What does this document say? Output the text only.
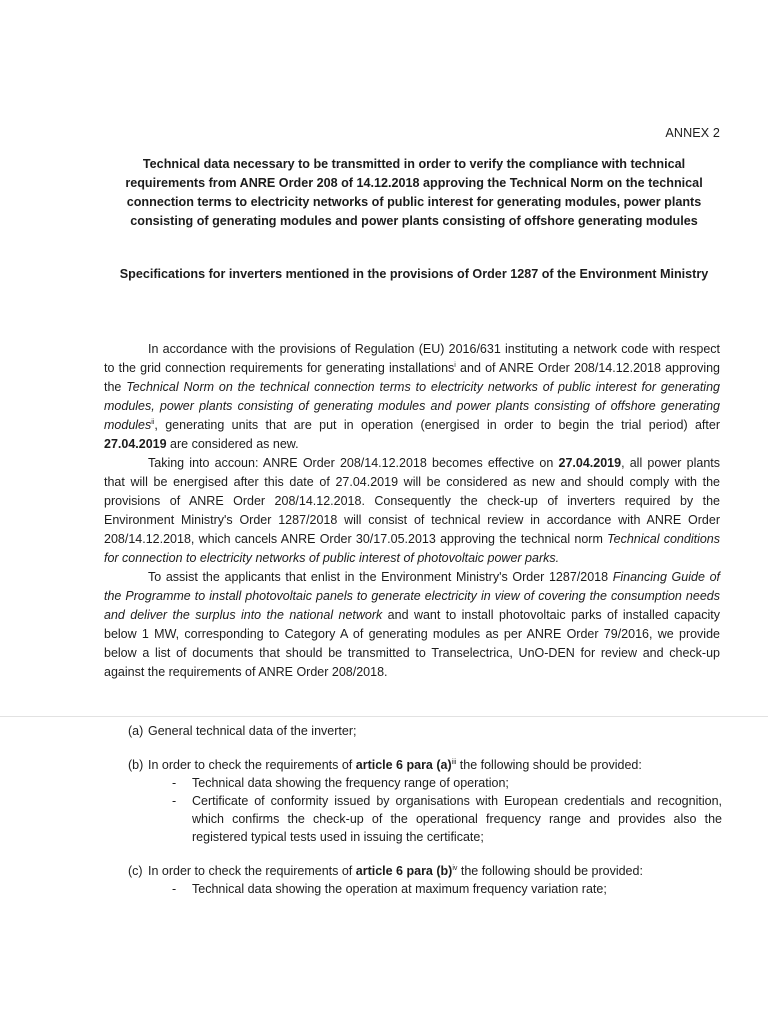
ANNEX 2
Technical data necessary to be transmitted in order to verify the compliance with technical requirements from ANRE Order 208 of 14.12.2018 approving the Technical Norm on the technical connection terms to electricity networks of public interest for generating modules, power plants consisting of generating modules and power plants consisting of offshore generating modules
Specifications for inverters mentioned in the provisions of Order 1287 of the Environment Ministry

In accordance with the provisions of Regulation (EU) 2016/631 instituting a network code with respect to the grid connection requirements for generating installations$^i$ and of ANRE Order 208/14.12.2018 approving the Technical Norm on the technical connection terms to electricity networks of public interest for generating modules, power plants consisting of generating modules and power plants consisting of offshore generating modules$^{ii}$, generating units that are put in operation (energised in order to begin the trial period) after 27.04.2019 are considered as new.

Taking into accoun: ANRE Order 208/14.12.2018 becomes effective on 27.04.2019, all power plants that will be energised after this date of 27.04.2019 will be considered as new and should comply with the provisions of ANRE Order 208/14.12.2018. Consequently the check-up of inverters required by the Environment Ministry's Order 1287/2018 will consist of technical review in accordance with ANRE Order 208/14.12.2018, which cancels ANRE Order 30/17.05.2013 approving the technical norm Technical conditions for connection to electricity networks of public interest of photovoltaic power parks.

To assist the applicants that enlist in the Environment Ministry's Order 1287/2018 Financing Guide of the Programme to install photovoltaic panels to generate electricity in view of covering the consumption needs and deliver the surplus into the national network and want to install photovoltaic parks of installed capacity below 1 MW, corresponding to Category A of generating modules as per ANRE Order 79/2016, we provide below a list of documents that should be transmitted to Transelectrica, UnO-DEN for review and check-up against the requirements of ANRE Order 208/2018.

(a) General technical data of the inverter;
(b) In order to check the requirements of article 6 para $(a)^{iii}$ the following should be provided:
- Technical data showing the frequency range of operation;
- Certificate of conformity issued by organisations with European credentials and recognition, which confirms the check-up of the operational frequency range and provides also the registered typical tests used in issuing the certificate;
(c) In order to check the requirements of article 6 para $(b)^{iv}$ the following should be provided:
- Technical data showing the operation at maximum frequency variation rate;
